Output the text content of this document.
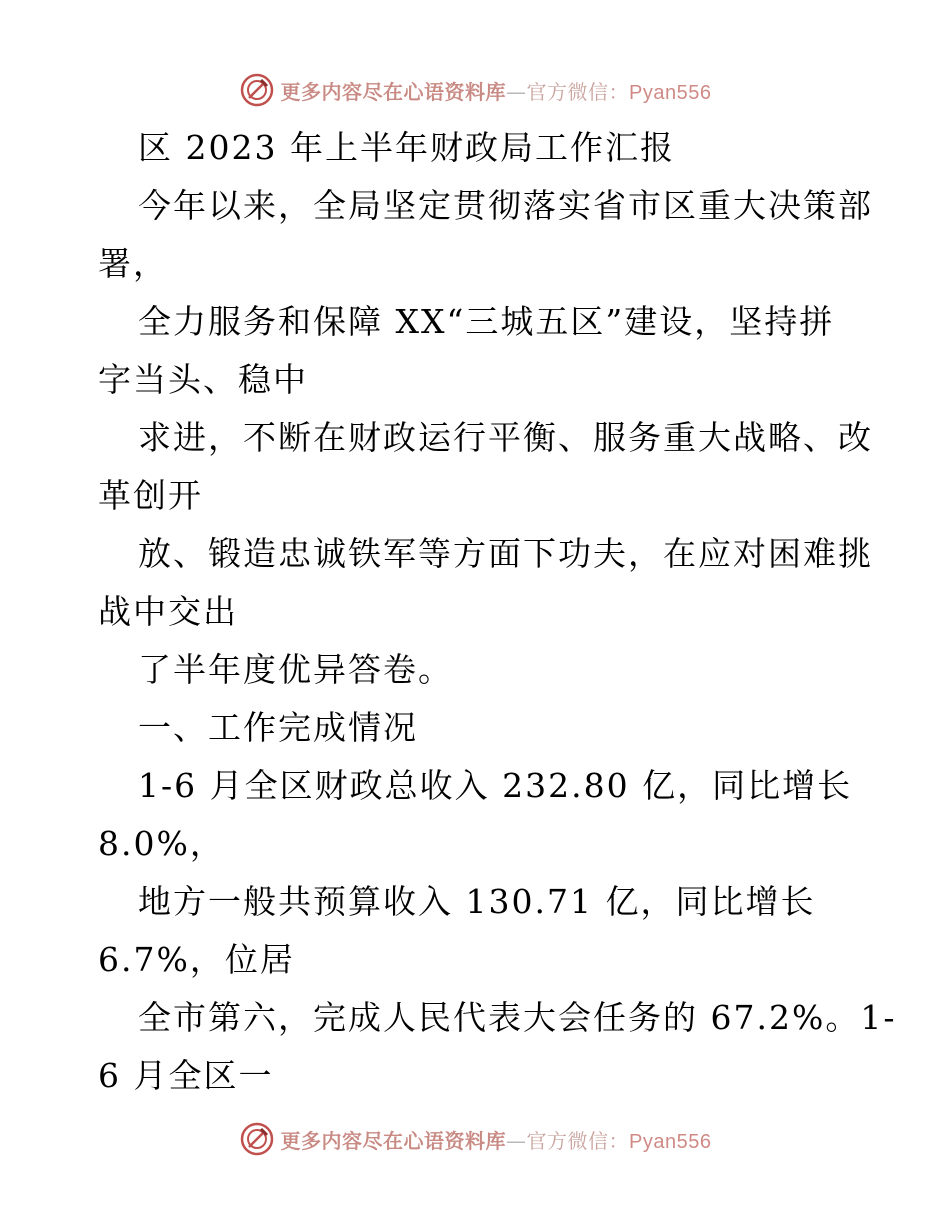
更多内容尽在心语资料库—官方微信：Pyan556
区 2023 年上半年财政局工作汇报
今年以来，全局坚定贯彻落实省市区重大决策部
署，
全力服务和保障 XX“三城五区”建设，坚持拼
字当头、稳中
求进，不断在财政运行平衡、服务重大战略、改
革创开
放、锻造忠诚铁军等方面下功夫，在应对困难挑
战中交出
了半年度优异答卷。
一、工作完成情况
1-6 月全区财政总收入 232.80 亿，同比增长
8.0%，
地方一般共预算收入 130.71 亿，同比增长
6.7%，位居
全市第六，完成人民代表大会任务的 67.2%。1-
6 月全区一
更多内容尽在心语资料库—官方微信：Pyan556
